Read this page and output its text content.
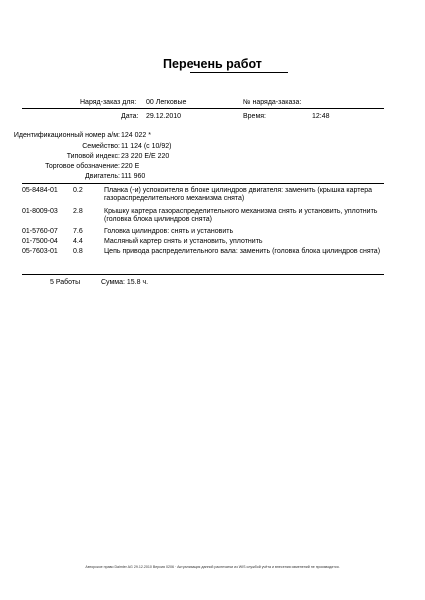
Перечень работ
Наряд-заказ для: 00 Легковые	№ наряда-заказа:
Дата: 29.12.2010	Время:	12:48
Идентификационный номер а/м: 124 022 *
Семейство: 11 124 (с 10/92)
Типовой индекс: 23 220 E/E 220
Торговое обозначение: 220 E
Двигатель: 111 960
05-8484-01 0.2	Планка (-и) успокоителя в блоке цилиндров двигателя: заменить (крышка картера газораспределительного механизма снята)
01-8009-03 2.8	Крышку картера газораспределительного механизма снять и установить, уплотнить (головка блока цилиндров снята)
01-5760-07 7.6	Головка цилиндров: снять и установить
01-7500-04 4.4	Масляный картер снять и установить, уплотнить
05-7603-01 0.8	Цепь привода распределительного вала: заменить (головка блока цилиндров снята)
5 Работы	Сумма: 15.8 ч.
Авторское право Daimler AG 29.12.2010 Версия 0206 · Актуализация данной распечатки из WIS службой учёта и внесения изменений не производится.
